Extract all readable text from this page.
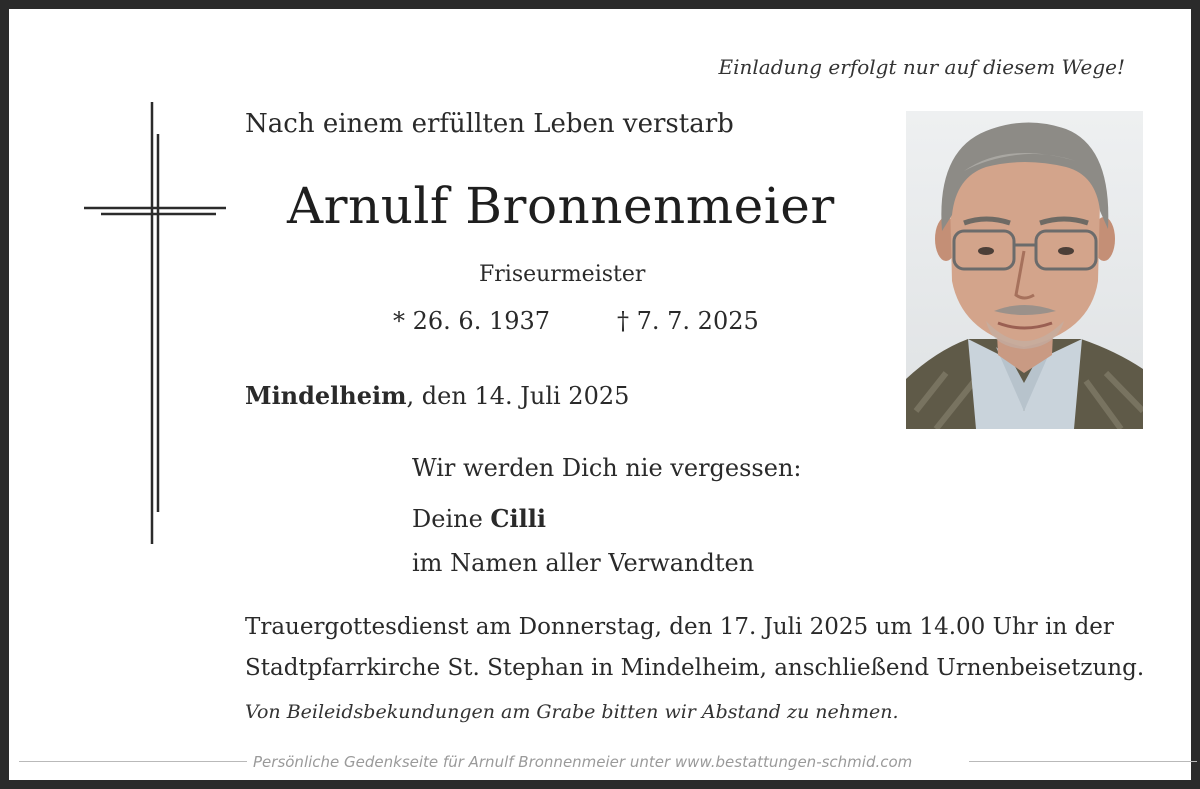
Einladung erfolgt nur auf diesem Wege!
Nach einem erfüllten Leben verstarb
Arnulf Bronnenmeier
Friseurmeister
* 26. 6. 1937	† 7. 7. 2025
Mindelheim, den 14. Juli 2025
Wir werden Dich nie vergessen:
Deine Cilli
im Namen aller Verwandten
Trauergottesdienst am Donnerstag, den 17. Juli 2025 um 14.00 Uhr in der
Stadtpfarrkirche St. Stephan in Mindelheim, anschließend Urnenbeisetzung.
Von Beileidsbekundungen am Grabe bitten wir Abstand zu nehmen.
Persönliche Gedenkseite für Arnulf Bronnenmeier unter www.bestattungen-schmid.com
